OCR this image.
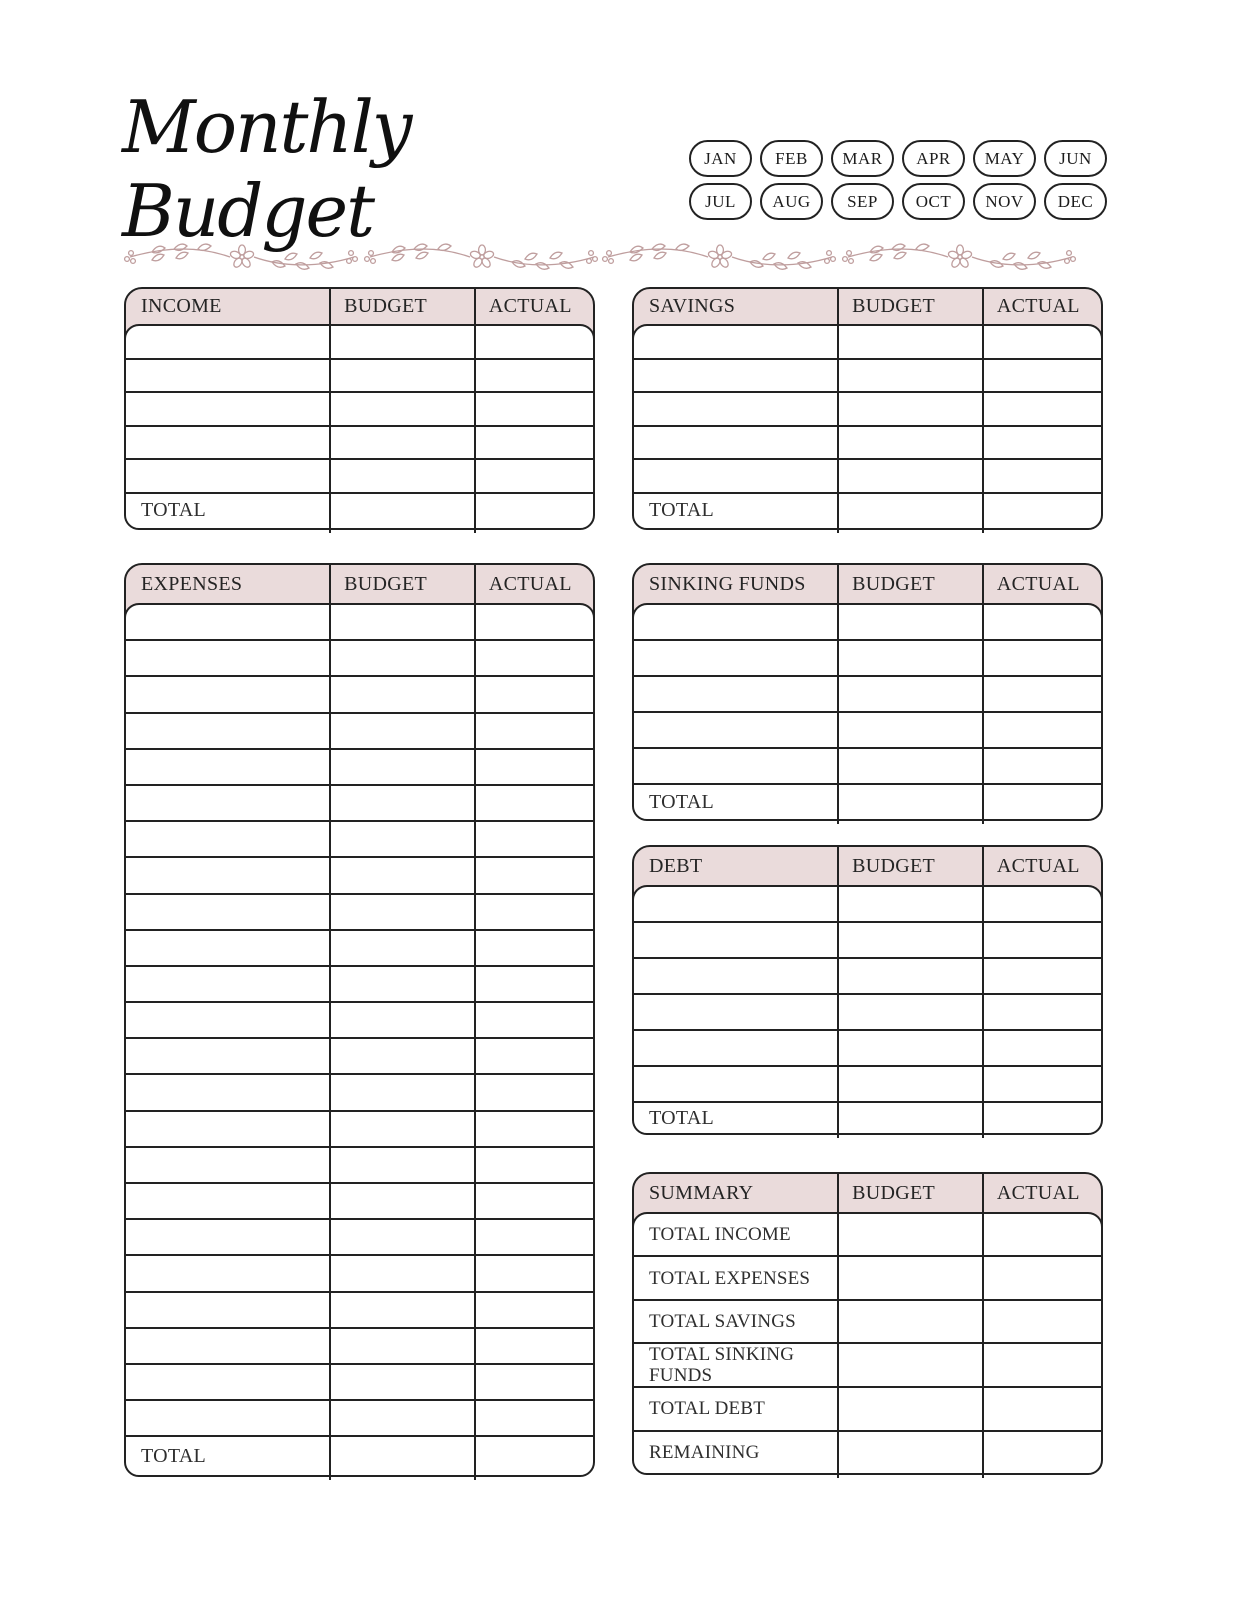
Monthly Budget
JAN	FEB	MAR	APR	MAY	JUN
JUL	AUG	SEP	OCT	NOV	DEC
INCOME	BUDGET	ACTUAL
TOTAL
SAVINGS	BUDGET	ACTUAL
TOTAL
EXPENSES	BUDGET	ACTUAL
TOTAL
SINKING FUNDS	BUDGET	ACTUAL
TOTAL
DEBT	BUDGET	ACTUAL
TOTAL
SUMMARY	BUDGET	ACTUAL
TOTAL INCOME
TOTAL EXPENSES
TOTAL SAVINGS
TOTAL SINKING FUNDS
TOTAL DEBT
REMAINING
